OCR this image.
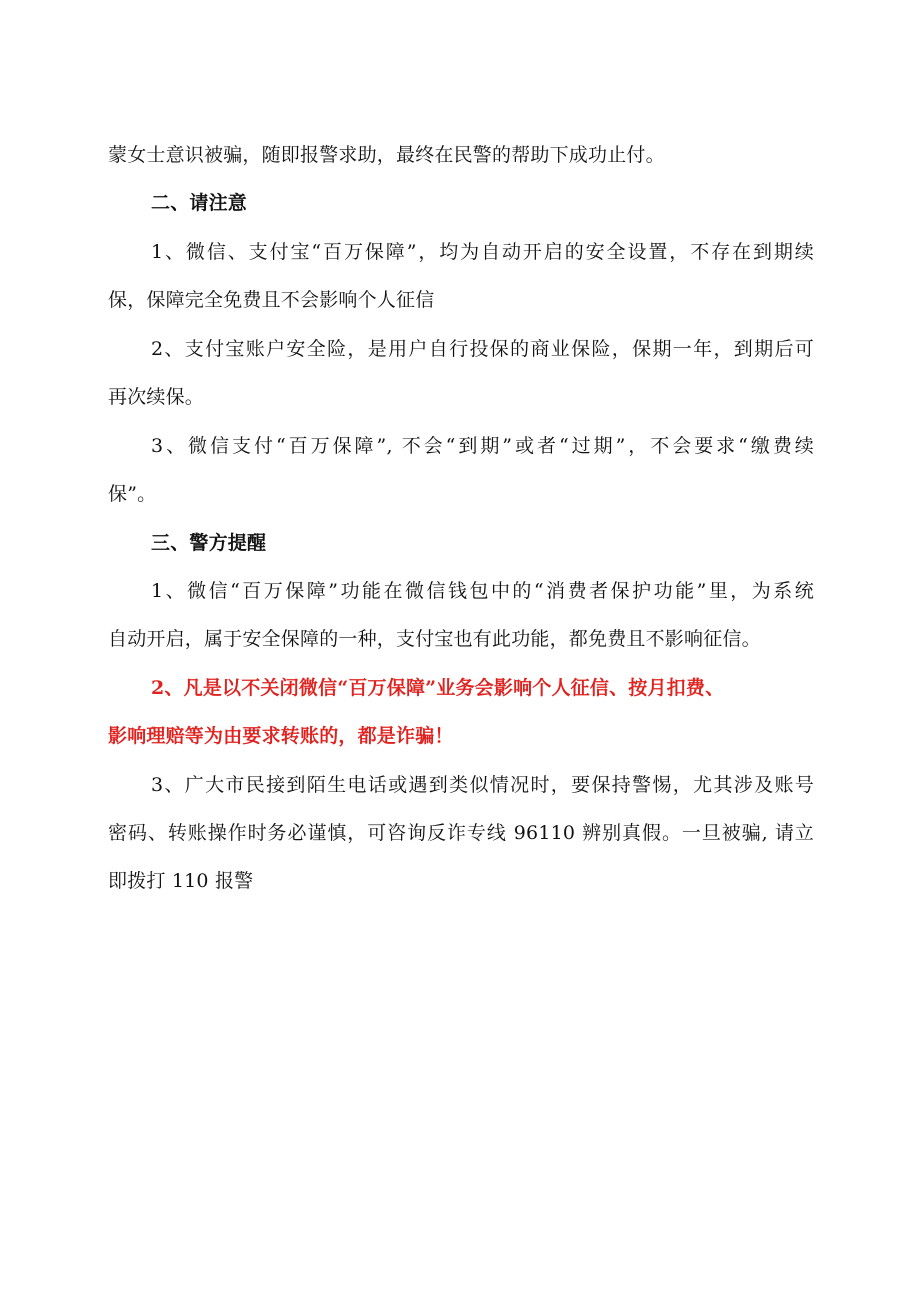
蒙女士意识被骗，随即报警求助，最终在民警的帮助下成功止付。
二、请注意
1、微信、支付宝“百万保障”，均为自动开启的安全设置，不存在到期续
保，保障完全免费且不会影响个人征信
2、支付宝账户安全险，是用户自行投保的商业保险，保期一年，到期后可
再次续保。
3、微信支付“百万保障”, 不会“到期”或者“过期”，不会要求“缴费续
保”。
三、警方提醒
1、微信“百万保障”功能在微信钱包中的“消费者保护功能”里，为系统
自动开启，属于安全保障的一种，支付宝也有此功能，都免费且不影响征信。
2、凡是以不关闭微信“百万保障”业务会影响个人征信、按月扣费、
影响理赔等为由要求转账的，都是诈骗！
3、广大市民接到陌生电话或遇到类似情况时，要保持警惕，尤其涉及账号
密码、转账操作时务必谨慎，可咨询反诈专线 96110 辨别真假。一旦被骗, 请立
即拨打 110 报警
